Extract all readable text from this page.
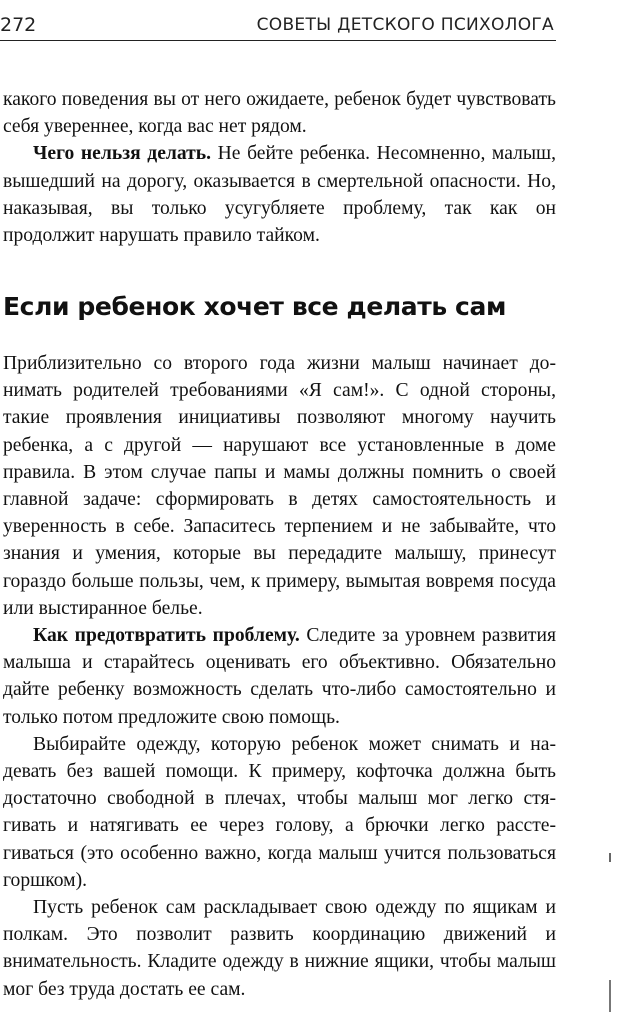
272	СОВЕТЫ ДЕТСКОГО ПСИХОЛОГА

какого поведения вы от него ожидаете, ребенок будет чувствовать себя увереннее, когда вас нет рядом.

Чего нельзя делать. Не бейте ребенка. Несомненно, малыш, вышедший на дорогу, оказывается в смертельной опасности. Но, наказывая, вы только усугубляете проблему, так как он продолжит нарушать правило тайком.

Если ребенок хочет все делать сам

Приблизительно со второго года жизни малыш начинает донимать родителей требованиями «Я сам!». С одной стороны, такие проявления инициативы позволяют многому научить ребенка, а с другой — нарушают все установленные в доме правила. В этом случае папы и мамы должны помнить о своей главной задаче: сформировать в детях самостоятельность и уверенность в себе. Запаситесь терпением и не забывайте, что знания и умения, которые вы передадите малышу, принесут гораздо больше пользы, чем, к примеру, вымытая вовремя посуда или выстиранное белье.

Как предотвратить проблему. Следите за уровнем развития малыша и старайтесь оценивать его объективно. Обязательно дайте ребенку возможность сделать что-либо самостоятельно и только потом предложите свою помощь.

Выбирайте одежду, которую ребенок может снимать и надевать без вашей помощи. К примеру, кофточка должна быть достаточно свободной в плечах, чтобы малыш мог легко стягивать и натягивать ее через голову, а брючки легко расстегиваться (это особенно важно, когда малыш учится пользоваться горшком).

Пусть ребенок сам раскладывает свою одежду по ящикам и полкам. Это позволит развить координацию движений и внимательность. Кладите одежду в нижние ящики, чтобы малыш мог без труда достать ее сам.
